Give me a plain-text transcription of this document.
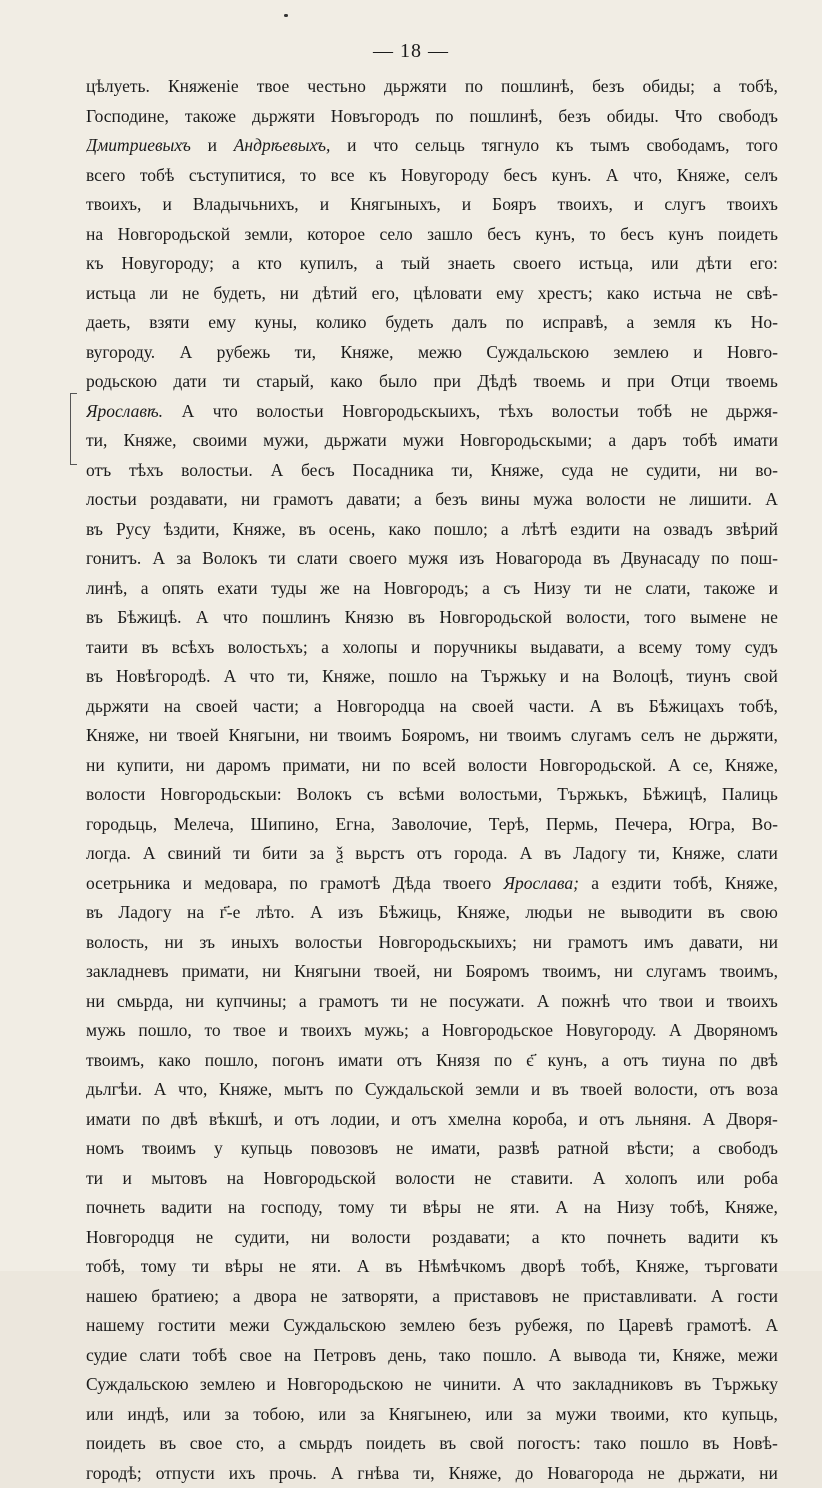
— 18 —
цѣлуеть. Княженіе твое честьно дьржяти по пошлинѣ, безъ обиды; а тобѣ,
Господине, такоже дьржяти Новъгородъ по пошлинѣ, безъ обиды. Что свободъ
Дмитриевыхъ и Андрѣевыхъ, и что сельць тягнуло къ тымъ свободамъ, того
всего тобѣ съступитися, то все къ Новугороду бесъ кунъ. А что, Княже, селъ
твоихъ, и Владычьнихъ, и Княгыныхъ, и Бояръ твоихъ, и слугъ твоихъ
на Новгородьской земли, которое село зашло бесъ кунъ, то бесъ кунъ поидеть
къ Новугороду; а кто купилъ, а тый знаеть своего истьца, или дѣти его:
истьца ли не будеть, ни дѣтий его, цѣловати ему хрестъ; како истьча не свѣ-
даеть, взяти ему куны, колико будеть далъ по исправѣ, а земля къ Но-
вугороду. А рубежь ти, Княже, межю Суждальскою землею и Новго-
родьскою дати ти старый, како было при Дѣдѣ твоемь и при Отци твоемь
Ярославѣ. А что волостьи Новгородьскыихъ, тѣхъ волостьи тобѣ не дьржя-
ти, Княже, своими мужи, дьржати мужи Новгородьскыми; а даръ тобѣ имати
отъ тѣхъ волостьи. А бесъ Посадника ти, Княже, суда не судити, ни во-
лостьи роздавати, ни грамотъ давати; а безъ вины мужа волости не лишити. А
въ Русу ѣздити, Княже, въ осень, како пошло; а лѣтѣ ездити на озвадъ звѣрий
гонитъ. А за Волокъ ти слати своего мужя изъ Новагорода въ Двунасаду по пош-
линѣ, а опять ехати туды же на Новгородъ; а съ Низу ти не слати, такоже и
въ Бѣжицѣ. А что пошлинъ Князю въ Новгородьской волости, того вымене не
таити въ всѣхъ волостьхъ; а холопы и поручникы выдавати, а всему тому судъ
въ Новѣгородѣ. А что ти, Княже, пошло на Тържьку и на Волоцѣ, тиунъ свой
дьржяти на своей части; а Новгородца на своей части. А въ Бѣжицахъ тобѣ,
Княже, ни твоей Княгыни, ни твоимъ Бояромъ, ни твоимъ слугамъ селъ не дьржяти,
ни купити, ни даромъ примати, ни по всей волости Новгородьской. А се, Княже,
волости Новгородьскыи: Волокъ съ всѣми волостьми, Тържькъ, Бѣжицѣ, Палиць
городьць, Мелеча, Шипино, Егна, Заволочие, Терѣ, Пермь, Печера, Югра, Во-
логда. А свиний ти бити за ѯ вьрстъ отъ города. А въ Ладогу ти, Княже, слати
осетрьника и медовара, по грамотѣ Дѣда твоего Ярослава; а ездити тобѣ, Княже,
въ Ладогу на г҃-е лѣто. А изъ Бѣжиць, Княже, людьи не выводити въ свою
волость, ни зъ иныхъ волостьи Новгородьскыихъ; ни грамотъ имъ давати, ни
закладневъ примати, ни Княгыни твоей, ни Бояромъ твоимъ, ни слугамъ твоимъ,
ни смьрда, ни купчины; а грамотъ ти не посужати. А пожнѣ что твои и твоихъ
мужь пошло, то твое и твоихъ мужь; а Новгородьское Новугороду. А Дворяномъ
твоимъ, како пошло, погонъ имати отъ Князя по є҃ кунъ, а отъ тиуна по двѣ
дьлгѣи. А что, Княже, мытъ по Суждальской земли и въ твоей волости, отъ воза
имати по двѣ вѣкшѣ, и отъ лодии, и отъ хмелна короба, и отъ льняня. А Дворя-
номъ твоимъ у купьць повозовъ не имати, развѣ ратной вѣсти; а свободъ
ти и мытовъ на Новгородьской волости не ставити. А холопъ или роба
почнеть вадити на господу, тому ти вѣры не яти. А на Низу тобѣ, Княже,
Новгородця не судити, ни волости роздавати; а кто почнеть вадити къ
тобѣ, тому ти вѣры не яти. А въ Нѣмѣчкомъ дворѣ тобѣ, Княже, търговати
нашею братиею; а двора не затворяти, а приставовъ не приставливати. А гости
нашему гостити межи Суждальскою землею безъ рубежя, по Царевѣ грамотѣ. А
судие слати тобѣ свое на Петровъ день, тако пошло. А вывода ти, Княже, межи
Суждальскою землею и Новгородьскою не чинити. А что закладниковъ въ Тържьку
или индѣ, или за тобою, или за Княгынею, или за мужи твоими, кто купьць,
поидеть въ свое сто, а смьрдъ поидеть въ свой погостъ: тако пошло въ Новѣ-
городѣ; отпусти ихъ прочь. А гнѣва ти, Княже, до Новагорода не дьржати, ни
